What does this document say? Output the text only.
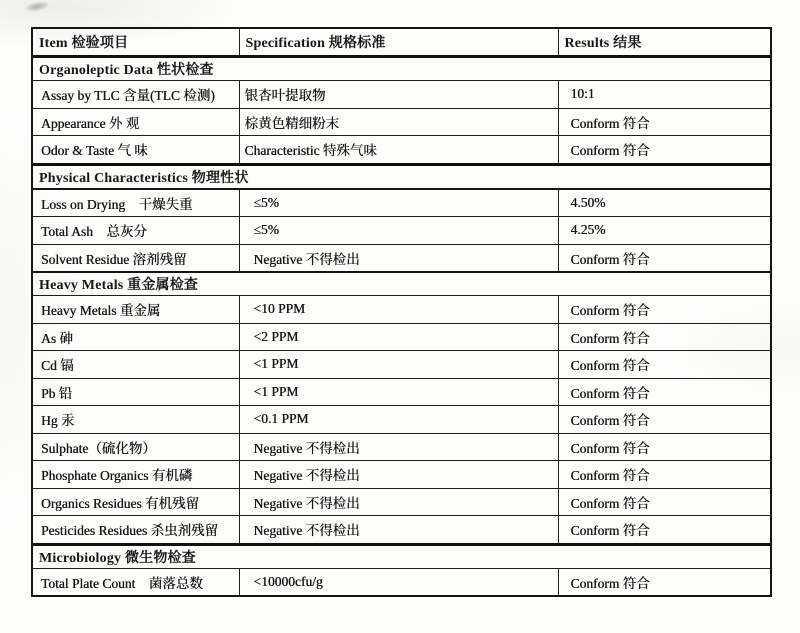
Item 检验项目	Specification 规格标准	Results 结果
Organoleptic Data 性状检查		
Assay by TLC 含量(TLC 检测)	银杏叶提取物	10:1
Appearance 外 观	棕黄色精细粉末	Conform 符合
Odor & Taste 气 味	Characteristic 特殊气味	Conform 符合
Physical Characteristics 物理性状		
Loss on Drying    干燥失重	≤5%	4.50%
Total Ash    总灰分	≤5%	4.25%
Solvent Residue 溶剂残留	Negative 不得检出	Conform 符合
Heavy Metals 重金属检查		
Heavy Metals 重金属	<10 PPM	Conform 符合
As 砷	<2 PPM	Conform 符合
Cd 镉	<1 PPM	Conform 符合
Pb 铅	<1 PPM	Conform 符合
Hg 汞	<0.1 PPM	Conform 符合
Sulphate（硫化物）	Negative 不得检出	Conform 符合
Phosphate Organics 有机磷	Negative 不得检出	Conform 符合
Organics Residues 有机残留	Negative 不得检出	Conform 符合
Pesticides Residues 杀虫剂残留	Negative 不得检出	Conform 符合
Microbiology 微生物检查		
Total Plate Count    菌落总数	<10000cfu/g	Conform 符合
